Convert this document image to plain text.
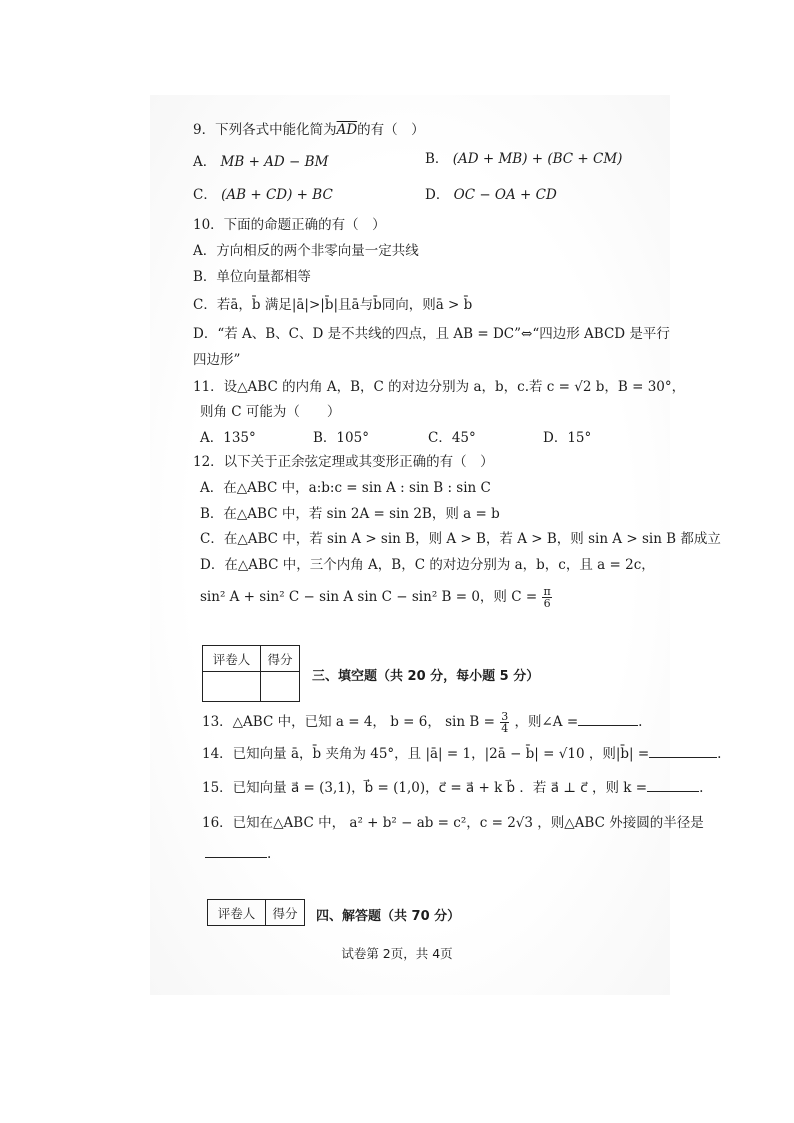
9．下列各式中能化简为$\overline{AD}$的有（　）
A． MB + AD − BM	B． (AD + MB) + (BC + CM)
C． (AB + CD) + BC	D． OC − OA + CD
10．下面的命题正确的有（　）
A．方向相反的两个非零向量一定共线
B．单位向量都相等
C．若ā，b̄ 满足|ā|>|b̄|且ā与b̄同向，则ā > b̄
D．“若 A、B、C、D 是不共线的四点，且 AB = DC”⇔“四边形 ABCD 是平行
四边形”
11．设△ABC 的内角 A，B，C 的对边分别为 a，b，c.若 c = √2 b，B = 30°，
则角 C 可能为（　　）
A．135°	B．105°	C．45°	D．15°
12．以下关于正余弦定理或其变形正确的有（　）
A．在△ABC 中，a:b:c = sin A : sin B : sin C
B．在△ABC 中，若 sin 2A = sin 2B，则 a = b
C．在△ABC 中，若 sin A > sin B，则 A > B，若 A > B，则 sin A > sin B 都成立
D．在△ABC 中，三个内角 A，B，C 的对边分别为 a，b，c，且 a = 2c，
sin² A + sin² C − sin A sin C − sin² B = 0，则 $C = \frac{\pi}{6}$
评卷人	得分

三、填空题（共 20 分，每小题 5 分）
13．△ABC 中，已知 a = 4， b = 6， $\sin B = \frac{3}{4}$ ，则∠A =	.
14．已知向量 ā，b̄ 夹角为 45°，且 |ā| = 1，|2ā − b̄| = √10 ，则|b̄| =	.
15．已知向量 a⃗ = (3,1)，b⃗ = (1,0)，c⃗ = a⃗ + k b⃗ ．若 a⃗ ⊥ c⃗ ，则 k =	.
16．已知在△ABC 中， a² + b² − ab = c²，c = 2√3 ，则△ABC 外接圆的半径是
.
评卷人	得分 四、解答题（共 70 分）
试卷第 2页，共 4页
